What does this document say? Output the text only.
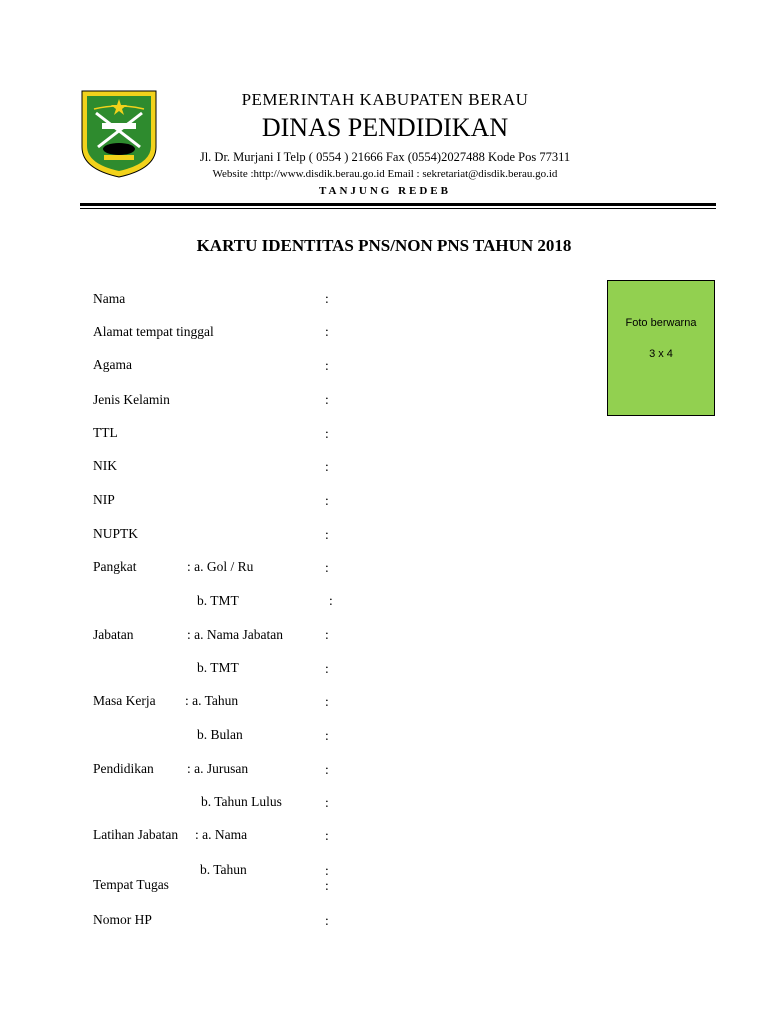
PEMERINTAH KABUPATEN BERAU
DINAS PENDIDIKAN
Jl. Dr. Murjani I Telp ( 0554 ) 21666 Fax (0554)2027488 Kode Pos 77311
Website :http://www.disdik.berau.go.id Email : sekretariat@disdik.berau.go.id
TANJUNG REDEB
KARTU IDENTITAS PNS/NON PNS TAHUN 2018
Foto berwarna
3 x 4
Nama	:
Alamat tempat tinggal	:
Agama	:
Jenis Kelamin	:
TTL	:
NIK	:
NIP	:
NUPTK	:
Pangkat	: a. Gol / Ru	:
b. TMT	:
Jabatan	: a. Nama Jabatan	:
b. TMT	:
Masa Kerja : a. Tahun	:
b. Bulan	:
Pendidikan : a. Jurusan	:
b. Tahun Lulus	:
Latihan Jabatan : a. Nama	:
b. Tahun	:
Tempat Tugas	:
Nomor HP	:
